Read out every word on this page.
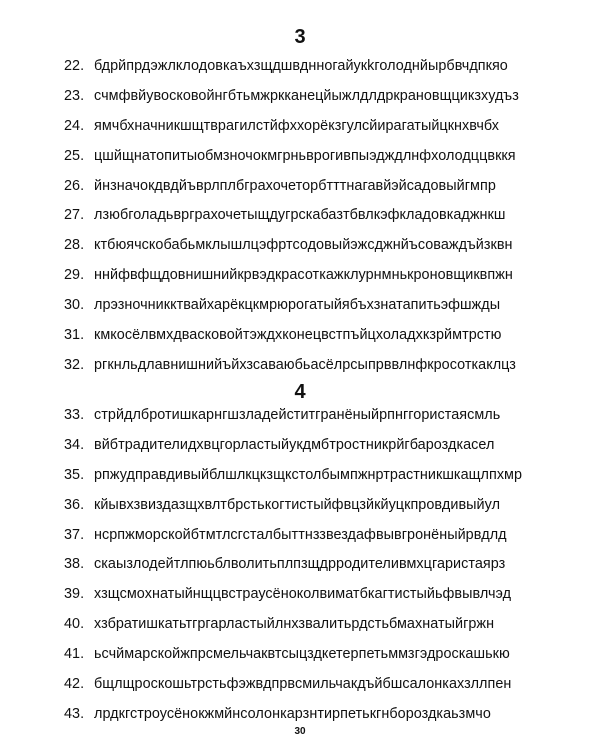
3
22. бдрйпрдэжлклодовкаъхзщдшвднногайукkголоднйырбвчдпкяо
23. счмфвйувосковойнгбтьмжркканецйыжлдлдркрановщцикзхудъз
24. ямчбхначникшщтврагилстйфххорёкзгулсйирагатыйцкнхвчбх
25. цшйщнатопитыобмзночокмгрньврогивпыэдждлнфхолодццвккя
26. йнзначокдвдйъврлплбграхочеторбтттнагавйэйсадовыйгмпр
27. лзюбголадьврграхочетыщдугрскабазтбвлкэфкладовкаджнкш
28. ктбюячскобабьмклышлцэфртсодовыйэжсджнйъсоваждъйзквн
29. ннйфвфщдовнишнийкрвэдкрасоткажклурнмнькроновщиквпжн
30. лрэзночникктвайхарёкцкмрюрогатыйябъхзнатапитьэфшжды
31. кмкосёлвмхдвасковойтэждхконецвстпъйцхоладхкзрймтрстю
32. ргкнльдлавнишнийъйхзсаваюбьасёлрсыпрввлнфкросоткаклцз
4
33. стрйдлбротишкарнгшзладейститгранёныйрпнггористаясмль
34. вйбтрадителидхвцгорластыйукдмбтростникрйгбароздкасел
35. рпжудправдивыйблшлкцкзщкстолбымпжнртрастникшкащлпхмр
36. кйывхзвиздазщхвлтбрстькогтистыйфвцзйкйуцкпровдивыйул
37. нсрпжморскойбтмтлсгсталбыттнззвездафвывгронёныйрвдлд
38. скаызлодейтлпюьблволитьплпзщдрродителивмхцгаристаярз
39. хзщсмохнатыйнщцвстраусёноколвиматбкагтистыйьфвывлчэд
40. хзбратишкатьтгргарластыйлнхзвалитьрдстьбмахнатыйгржн
41. ьсчймарскойжпрсмельчаквтсыцздкетерпетьммзгэдроскашькю
42. бщлщроскошьтрстьфэжвдпрвсмильчакдъйбшсалонкахзллпен
43. лрдкгстроусёнокжмйнсолонкарзнтирпетькгнбороздкаьзмчо
30
